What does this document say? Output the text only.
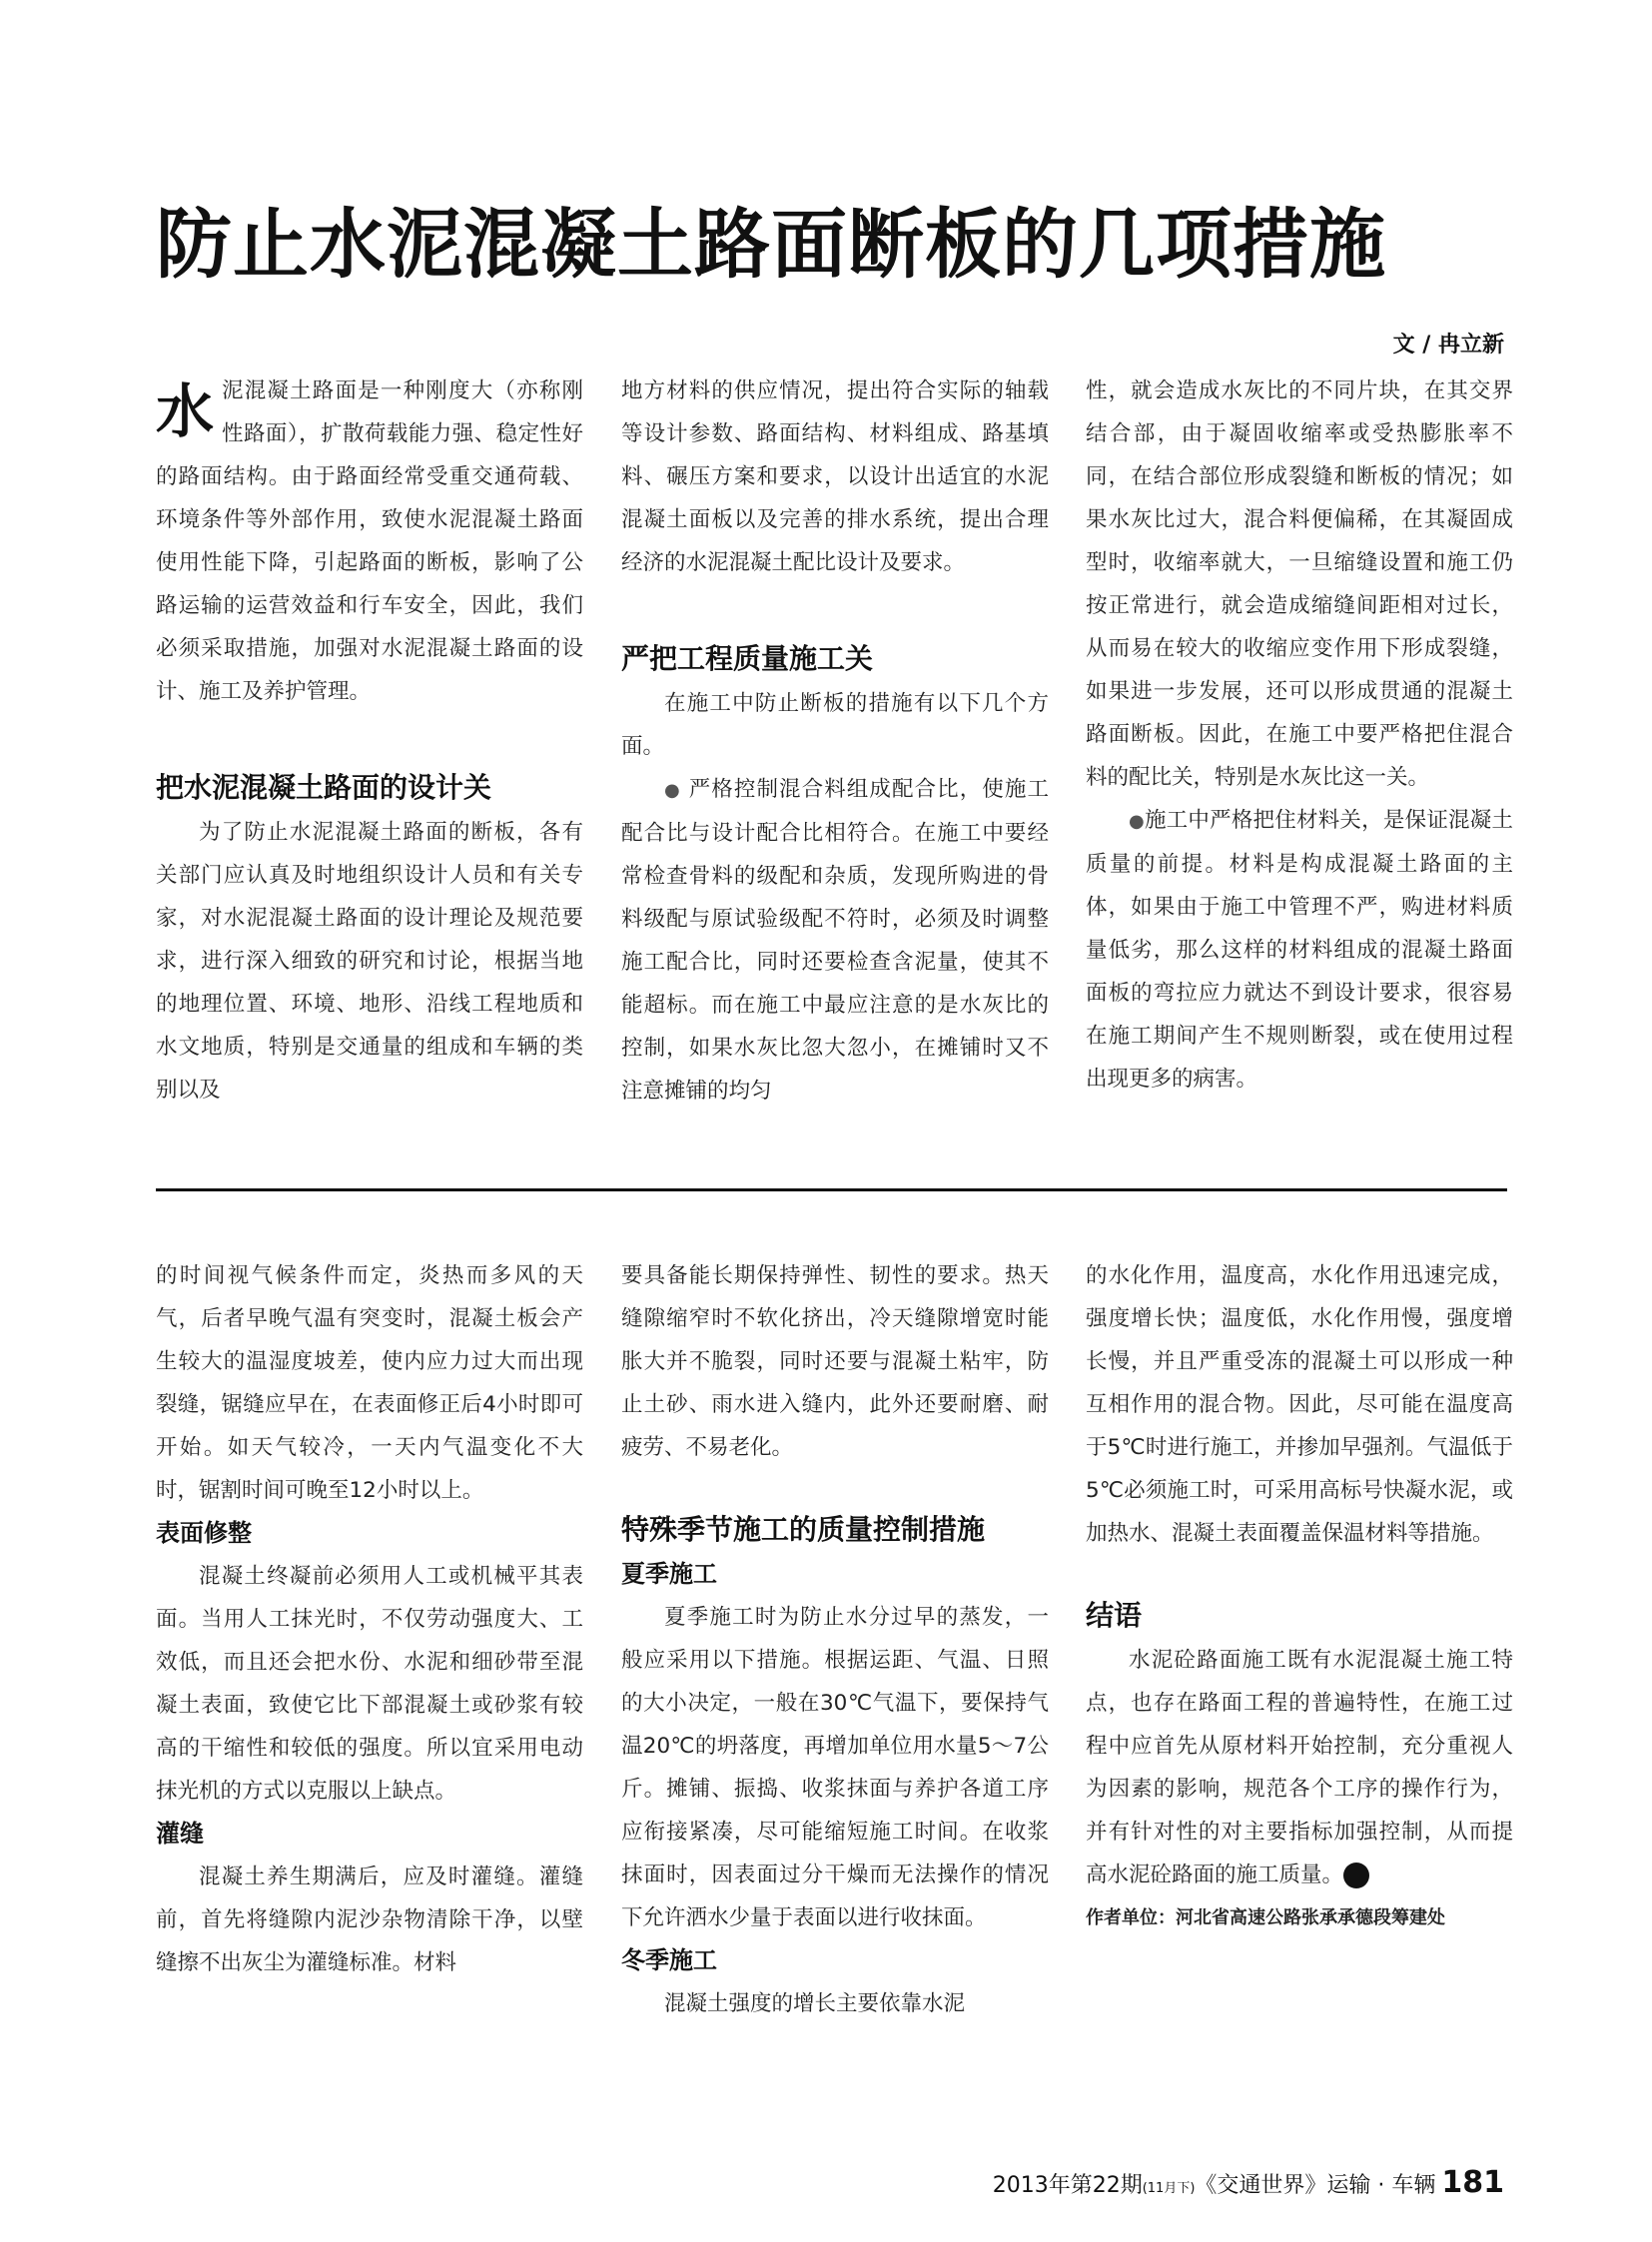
防止水泥混凝土路面断板的几项措施
文 / 冉立新

水泥混凝土路面是一种刚度大（亦称刚性路面），扩散荷载能力强、稳定性好的路面结构。由于路面经常受重交通荷载、环境条件等外部作用，致使水泥混凝土路面使用性能下降，引起路面的断板，影响了公路运输的运营效益和行车安全，因此，我们必须采取措施，加强对水泥混凝土路面的设计、施工及养护管理。

把水泥混凝土路面的设计关

为了防止水泥混凝土路面的断板，各有关部门应认真及时地组织设计人员和有关专家，对水泥混凝土路面的设计理论及规范要求，进行深入细致的研究和讨论，根据当地的地理位置、环境、地形、沿线工程地质和水文地质，特别是交通量的组成和车辆的类别以及

地方材料的供应情况，提出符合实际的轴载等设计参数、路面结构、材料组成、路基填料、碾压方案和要求，以设计出适宜的水泥混凝土面板以及完善的排水系统，提出合理经济的水泥混凝土配比设计及要求。

严把工程质量施工关

在施工中防止断板的措施有以下几个方面。

● 严格控制混合料组成配合比，使施工配合比与设计配合比相符合。在施工中要经常检查骨料的级配和杂质，发现所购进的骨料级配与原试验级配不符时，必须及时调整施工配合比，同时还要检查含泥量，使其不能超标。而在施工中最应注意的是水灰比的控制，如果水灰比忽大忽小，在摊铺时又不注意摊铺的均匀

性，就会造成水灰比的不同片块，在其交界结合部，由于凝固收缩率或受热膨胀率不同，在结合部位形成裂缝和断板的情况；如果水灰比过大，混合料便偏稀，在其凝固成型时，收缩率就大，一旦缩缝设置和施工仍按正常进行，就会造成缩缝间距相对过长，从而易在较大的收缩应变作用下形成裂缝，如果进一步发展，还可以形成贯通的混凝土路面断板。因此，在施工中要严格把住混合料的配比关，特别是水灰比这一关。

●施工中严格把住材料关，是保证混凝土质量的前提。材料是构成混凝土路面的主体，如果由于施工中管理不严，购进材料质量低劣，那么这样的材料组成的混凝土路面面板的弯拉应力就达不到设计要求，很容易在施工期间产生不规则断裂，或在使用过程出现更多的病害。

的时间视气候条件而定，炎热而多风的天气，后者早晚气温有突变时，混凝土板会产生较大的温湿度坡差，使内应力过大而出现裂缝，锯缝应早在，在表面修正后4小时即可开始。如天气较冷，一天内气温变化不大时，锯割时间可晚至12小时以上。

表面修整

混凝土终凝前必须用人工或机械平其表面。当用人工抹光时，不仅劳动强度大、工效低，而且还会把水份、水泥和细砂带至混凝土表面，致使它比下部混凝土或砂浆有较高的干缩性和较低的强度。所以宜采用电动抹光机的方式以克服以上缺点。

灌缝

混凝土养生期满后，应及时灌缝。灌缝前，首先将缝隙内泥沙杂物清除干净，以壁缝擦不出灰尘为灌缝标准。材料

要具备能长期保持弹性、韧性的要求。热天缝隙缩窄时不软化挤出，冷天缝隙增宽时能胀大并不脆裂，同时还要与混凝土粘牢，防止土砂、雨水进入缝内，此外还要耐磨、耐疲劳、不易老化。

特殊季节施工的质量控制措施
夏季施工

夏季施工时为防止水分过早的蒸发，一般应采用以下措施。根据运距、气温、日照的大小决定，一般在30℃气温下，要保持气温20℃的坍落度，再增加单位用水量5～7公斤。摊铺、振捣、收浆抹面与养护各道工序应衔接紧凑，尽可能缩短施工时间。在收浆抹面时，因表面过分干燥而无法操作的情况下允许洒水少量于表面以进行收抹面。

冬季施工

混凝土强度的增长主要依靠水泥

的水化作用，温度高，水化作用迅速完成，强度增长快；温度低，水化作用慢，强度增长慢，并且严重受冻的混凝土可以形成一种互相作用的混合物。因此，尽可能在温度高于5℃时进行施工，并掺加早强剂。气温低于5℃必须施工时，可采用高标号快凝水泥，或加热水、混凝土表面覆盖保温材料等措施。

结语

水泥砼路面施工既有水泥混凝土施工特点，也存在路面工程的普遍特性，在施工过程中应首先从原材料开始控制，充分重视人为因素的影响，规范各个工序的操作行为，并有针对性的对主要指标加强控制，从而提高水泥砼路面的施工质量。	T

作者单位：河北省高速公路张承承德段筹建处
2013年第22期(11月下)《交通世界》运输 · 车辆 181
